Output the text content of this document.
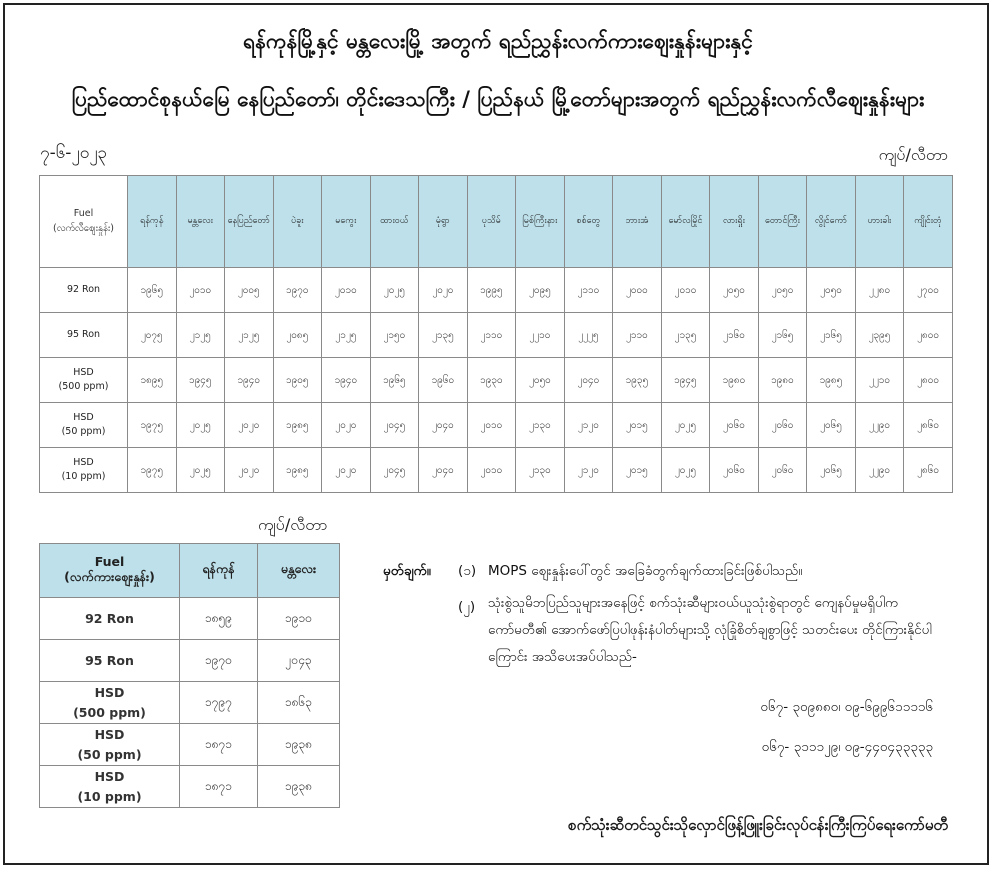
ရန်ကုန်မြို့နှင့် မန္တလေးမြို့ အတွက် ရည်ညွှန်းလက်ကားဈေးနှုန်းများနှင့်
ပြည်ထောင်စုနယ်မြေ နေပြည်တော်၊ တိုင်းဒေသကြီး / ပြည်နယ် မြို့တော်များအတွက် ရည်ညွှန်းလက်လီဈေးနှုန်းများ
၇-၆-၂၀၂၃	ကျပ်/လီတာ
Fuel
(လက်လီဈေးနှုန်း)	ရန်ကုန်	မန္တလေး	နေပြည်တော်	ပဲခူး	မကွေး	ထားဝယ်	မုံရွာ	ပုသိမ်	မြစ်ကြီးနား	စစ်တွေ	ဘားအံ	မော်လမြိုင်	လားရှိုး	တောင်ကြီး	လွိုင်ကော်	ဟားခါး	ကျိုင်းတုံ

92 Ron	၁၉၆၅	၂၀၁၀	၂၀၀၅	၁၉၇၀	၂၀၁၀	၂၀၂၅	၂၀၂၀	၁၉၉၅	၂၀၉၅	၂၁၁၀	၂၀၀၀	၂၀၁၀	၂၀၅၀	၂၀၅၀	၂၀၅၀	၂၂၈၀	၂၇၀၀

95 Ron	၂၀၇၅	၂၁၂၅	၂၁၂၅	၂၀၈၅	၂၁၂၅	၂၁၅၀	၂၁၃၅	၂၁၁၀	၂၂၁၀	၂၂၂၅	၂၁၁၀	၂၁၃၅	၂၁၆၀	၂၁၆၅	၂၁၆၅	၂၃၉၅	၂၈၀၀

HSD
(500 ppm)	၁၈၉၅	၁၉၄၅	၁၉၄၀	၁၉၀၅	၁၉၄၀	၁၉၆၅	၁၉၆၀	၁၉၃၀	၂၀၅၀	၂၀၄၀	၁၉၃၅	၁၉၄၅	၁၉၈၀	၁၉၈၀	၁၉၈၅	၂၂၁၀	၂၈၀၀

HSD
(50 ppm)	၁၉၇၅	၂၀၂၅	၂၀၂၀	၁၉၈၅	၂၀၂၀	၂၀၄၅	၂၀၄၀	၂၀၁၀	၂၁၃၀	၂၁၂၀	၂၀၁၅	၂၀၂၅	၂၀၆၀	၂၀၆၀	၂၀၆၅	၂၂၉၀	၂၈၆၀

HSD
(10 ppm)	၁၉၇၅	၂၀၂၅	၂၀၂၀	၁၉၈၅	၂၀၂၀	၂၀၄၅	၂၀၄၀	၂၀၁၀	၂၁၃၀	၂၁၂၀	၂၀၁၅	၂၀၂၅	၂၀၆၀	၂၀၆၀	၂၀၆၅	၂၂၉၀	၂၈၆၀
ကျပ်/လီတာ
Fuel
(လက်ကားဈေးနှုန်း)	ရန်ကုန်	မန္တလေး

92 Ron	၁၈၅၉	၁၉၁၀

95 Ron	၁၉၇၀	၂၀၄၃

HSD
(500 ppm)	၁၇၉၇	၁၈၆၃

HSD
(50 ppm)	၁၈၇၁	၁၉၃၈

HSD
(10 ppm)	၁၈၇၁	၁၉၃၈
မှတ်ချက်။ (၁) MOPS ဈေးနှုန်းပေါ်တွင် အခြေခံတွက်ချက်ထားခြင်းဖြစ်ပါသည်။
(၂) သုံးစွဲသူမိဘပြည်သူများအနေဖြင့် စက်သုံးဆီများဝယ်ယူသုံးစွဲရာတွင် ကျေနပ်မှုမရှိပါက ကော်မတီ၏ အောက်ဖော်ပြပါဖုန်းနံပါတ်များသို့ လုံခြုံစိတ်ချစွာဖြင့် သတင်းပေး တိုင်ကြားနိုင်ပါကြောင်း အသိပေးအပ်ပါသည်-
၀၆၇- ၃၀၉၈၈၀၊ ၀၉-၆၉၉၆၁၁၁၁၆
၀၆၇- ၃၁၁၁၂၉၊ ၀၉-၄၄၀၄၃၃၃၃၃
စက်သုံးဆီတင်သွင်းသိုလှောင်ဖြန့်ဖြူးခြင်းလုပ်ငန်းကြီးကြပ်ရေးကော်မတီ
